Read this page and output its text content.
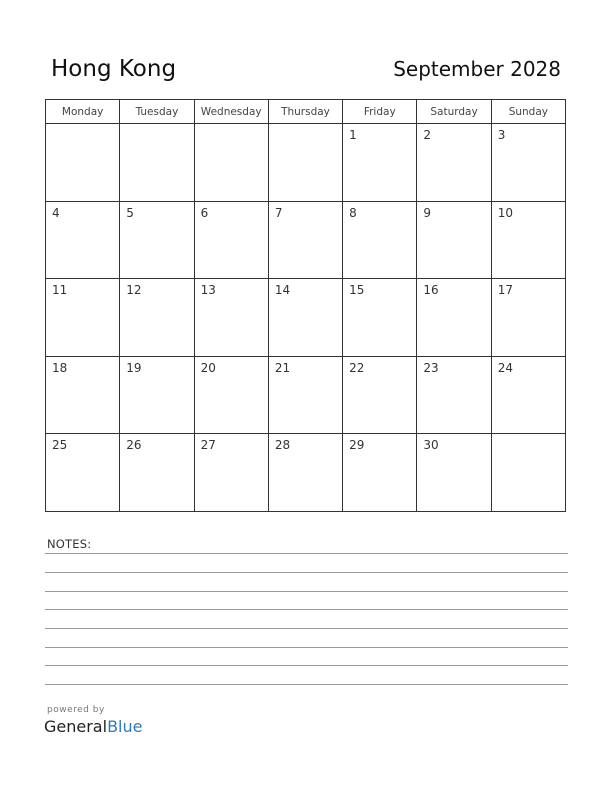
Hong Kong	September 2028
Monday	Tuesday	Wednesday	Thursday	Friday	Saturday	Sunday

				1	2	3

4	5	6	7	8	9	10

11	12	13	14	15	16	17

18	19	20	21	22	23	24

25	26	27	28	29	30	

NOTES:
powered by
GeneralBlue
